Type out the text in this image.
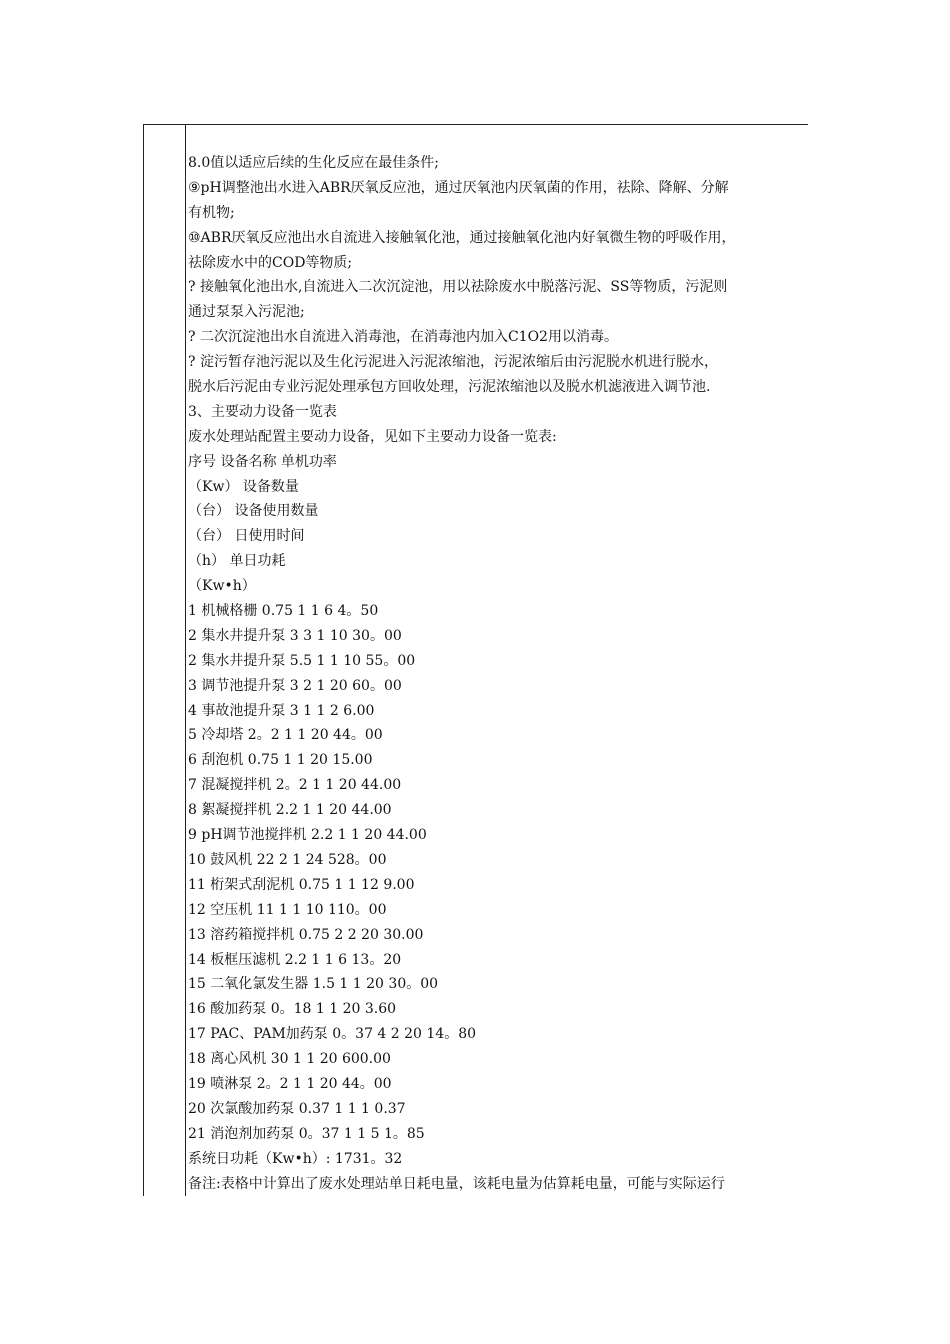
8.0值以适应后续的生化反应在最佳条件;
⑨pH调整池出水进入ABR厌氧反应池，通过厌氧池内厌氧菌的作用，祛除、降解、分解
有机物;
⑩ABR厌氧反应池出水自流进入接触氧化池，通过接触氧化池内好氧微生物的呼吸作用，
祛除废水中的COD等物质;
? 接触氧化池出水,自流进入二次沉淀池，用以祛除废水中脱落污泥、SS等物质，污泥则
通过泵泵入污泥池;
? 二次沉淀池出水自流进入消毒池，在消毒池内加入C1O2用以消毒。
? 淀污暂存池污泥以及生化污泥进入污泥浓缩池，污泥浓缩后由污泥脱水机进行脱水，
脱水后污泥由专业污泥处理承包方回收处理，污泥浓缩池以及脱水机滤液进入调节池.
3、主要动力设备一览表
废水处理站配置主要动力设备，见如下主要动力设备一览表:
序号 设备名称 单机功率
（Kw） 设备数量
（台） 设备使用数量
（台） 日使用时间
（h） 单日功耗
（Kw•h）
1 机械格栅 0.75 1 1 6 4。50
2 集水井提升泵 3 3 1 10 30。00
2 集水井提升泵 5.5 1 1 10 55。00
3 调节池提升泵 3 2 1 20 60。00
4 事故池提升泵 3 1 1 2 6.00
5 冷却塔 2。2 1 1 20 44。00
6 刮泡机 0.75 1 1 20 15.00
7 混凝搅拌机 2。2 1 1 20 44.00
8 絮凝搅拌机 2.2 1 1 20 44.00
9 pH调节池搅拌机 2.2 1 1 20 44.00
10 鼓风机 22 2 1 24 528。00
11 桁架式刮泥机 0.75 1 1 12 9.00
12 空压机 11 1 1 10 110。00
13 溶药箱搅拌机 0.75 2 2 20 30.00
14 板框压滤机 2.2 1 1 6 13。20
15 二氧化氯发生器 1.5 1 1 20 30。00
16 酸加药泵 0。18 1 1 20 3.60
17 PAC、PAM加药泵 0。37 4 2 20 14。80
18 离心风机 30 1 1 20 600.00
19 喷淋泵 2。2 1 1 20 44。00
20 次氯酸加药泵 0.37 1 1 1 0.37
21 消泡剂加药泵 0。37 1 1 5 1。85
系统日功耗（Kw•h）: 1731。32
备注:表格中计算出了废水处理站单日耗电量，该耗电量为估算耗电量，可能与实际运行
